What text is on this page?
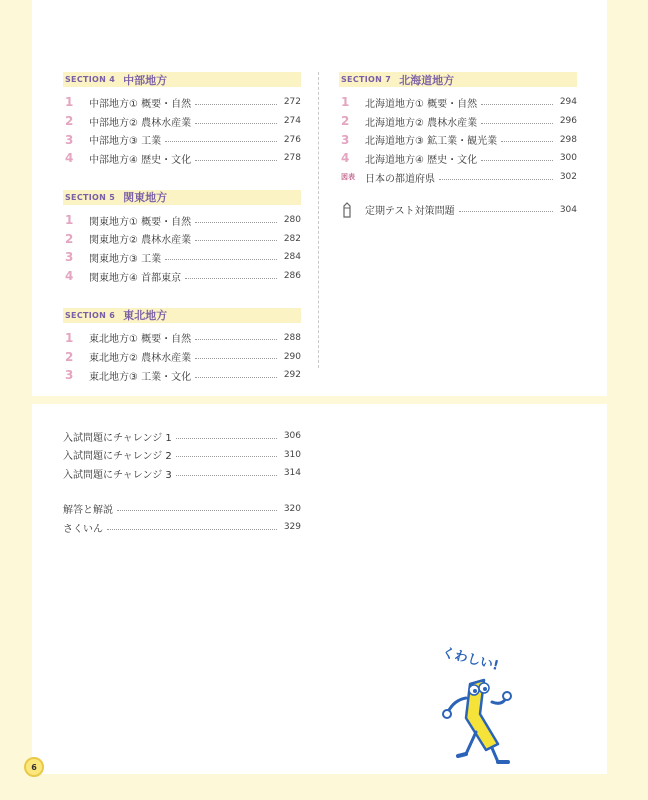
SECTION 4 中部地方
1	中部地方① 概要・自然	272
2	中部地方② 農林水産業	274
3	中部地方③ 工業	276
4	中部地方④ 歴史・文化	278
SECTION 5 関東地方
1	関東地方① 概要・自然	280
2	関東地方② 農林水産業	282
3	関東地方③ 工業	284
4	関東地方④ 首都東京	286
SECTION 6 東北地方
1	東北地方① 概要・自然	288
2	東北地方② 農林水産業	290
3	東北地方③ 工業・文化	292
SECTION 7 北海道地方
1	北海道地方① 概要・自然	294
2	北海道地方② 農林水産業	296
3	北海道地方③ 鉱工業・観光業	298
4	北海道地方④ 歴史・文化	300
図表	日本の都道府県	302
定期テスト対策問題	304
入試問題にチャレンジ 1	306
入試問題にチャレンジ 2	310
入試問題にチャレンジ 3	314
解答と解説	320
さくいん	329
くわしい!
6
